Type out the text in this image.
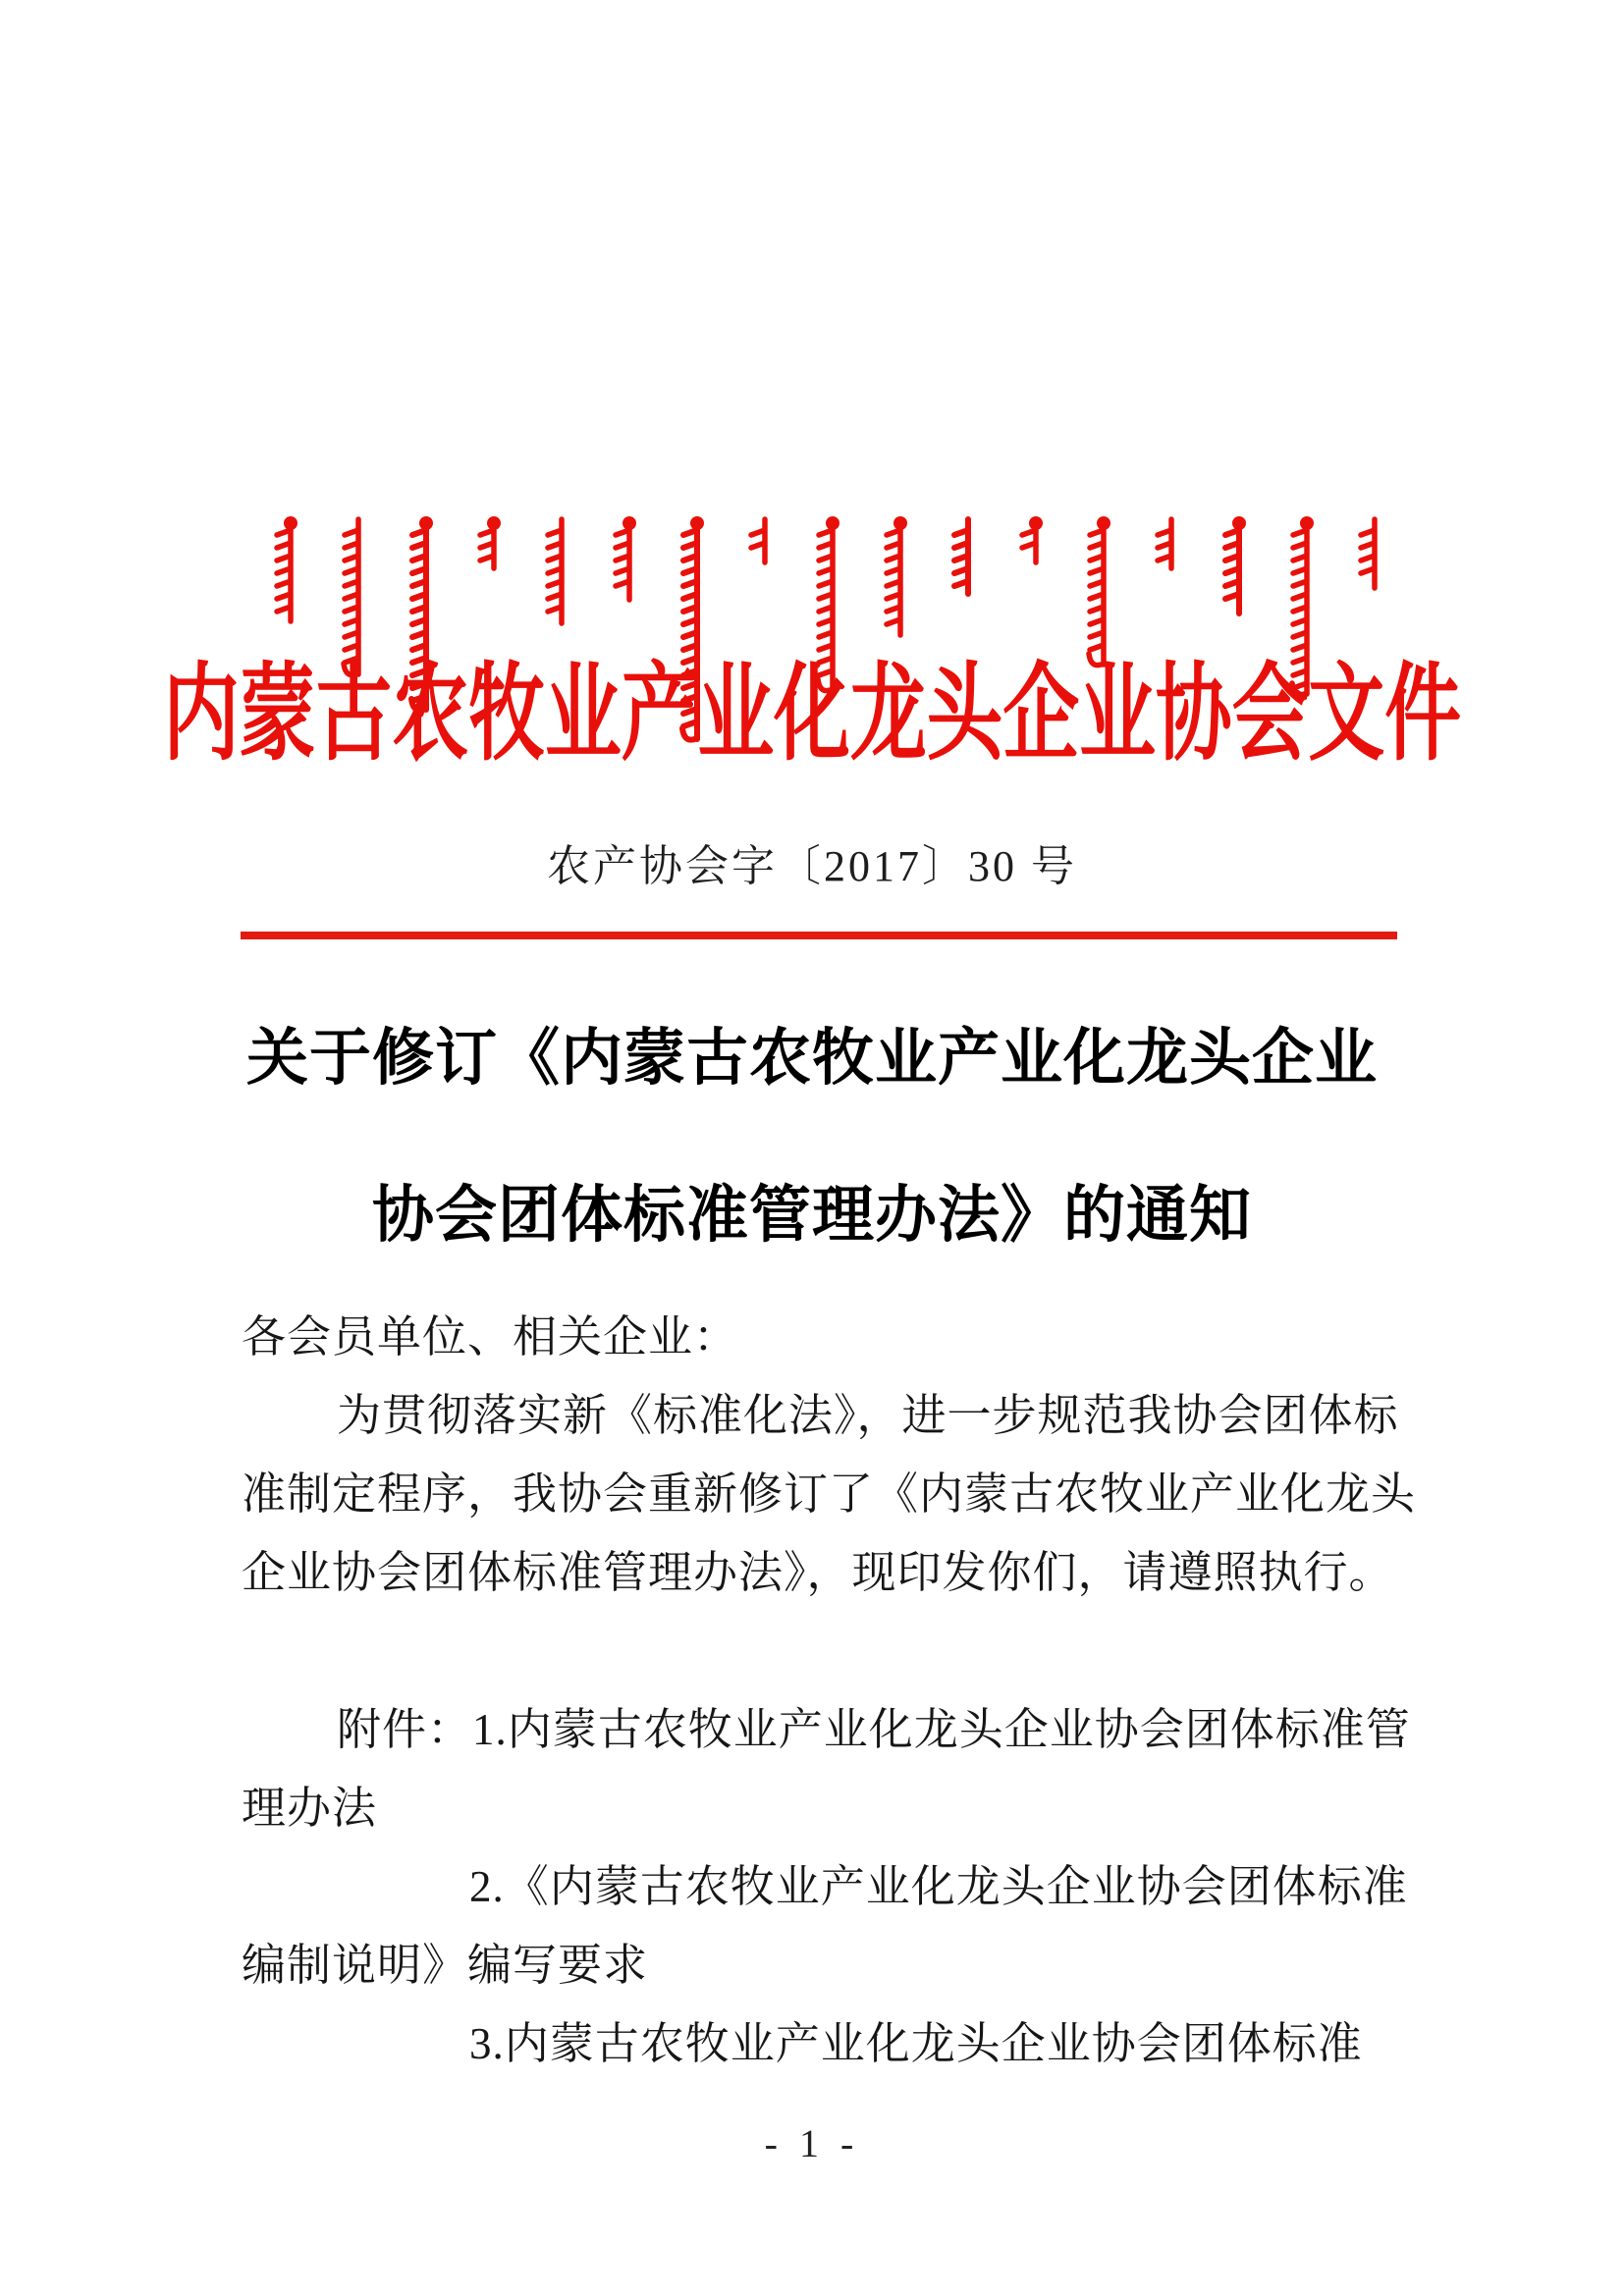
内蒙古农牧业产业化龙头企业协会文件
农产协会字〔2017〕30 号
关于修订《内蒙古农牧业产业化龙头企业
协会团体标准管理办法》的通知
各会员单位、相关企业：
为贯彻落实新《标准化法》，进一步规范我协会团体标
准制定程序，我协会重新修订了《内蒙古农牧业产业化龙头
企业协会团体标准管理办法》，现印发你们，请遵照执行。
附件：1.内蒙古农牧业产业化龙头企业协会团体标准管
理办法
2.《内蒙古农牧业产业化龙头企业协会团体标准
编制说明》编写要求
3.内蒙古农牧业产业化龙头企业协会团体标准
- 1 -
